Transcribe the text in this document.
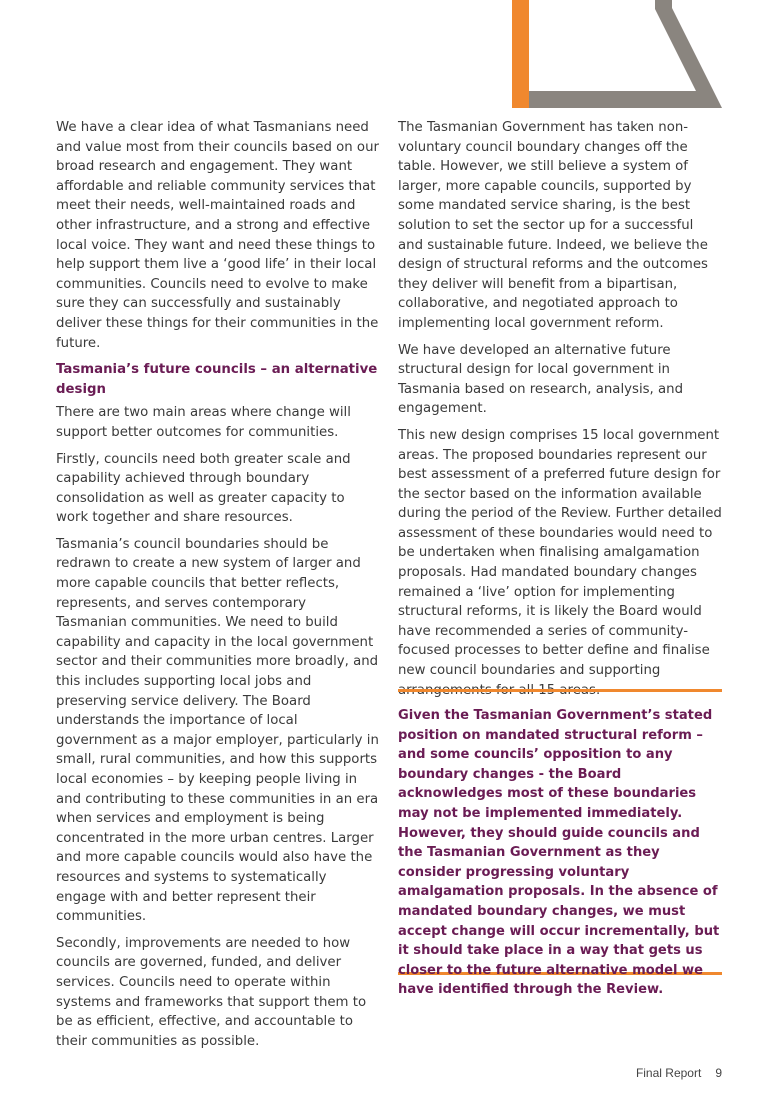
We have a clear idea of what Tasmanians need and value most from their councils based on our broad research and engagement. They want affordable and reliable community services that meet their needs, well-maintained roads and other infrastructure, and a strong and effective local voice. They want and need these things to help support them live a ‘good life’ in their local communities. Councils need to evolve to make sure they can successfully and sustainably deliver these things for their communities in the future.

Tasmania’s future councils – an alternative design

There are two main areas where change will support better outcomes for communities.

Firstly, councils need both greater scale and capability achieved through boundary consolidation as well as greater capacity to work together and share resources.

Tasmania’s council boundaries should be redrawn to create a new system of larger and more capable councils that better reflects, represents, and serves contemporary Tasmanian communities. We need to build capability and capacity in the local government sector and their communities more broadly, and this includes supporting local jobs and preserving service delivery. The Board understands the importance of local government as a major employer, particularly in small, rural communities, and how this supports local economies – by keeping people living in and contributing to these communities in an era when services and employment is being concentrated in the more urban centres. Larger and more capable councils would also have the resources and systems to systematically engage with and better represent their communities.

Secondly, improvements are needed to how councils are governed, funded, and deliver services. Councils need to operate within systems and frameworks that support them to be as efficient, effective, and accountable to their communities as possible.

The Tasmanian Government has taken non-voluntary council boundary changes off the table. However, we still believe a system of larger, more capable councils, supported by some mandated service sharing, is the best solution to set the sector up for a successful and sustainable future. Indeed, we believe the design of structural reforms and the outcomes they deliver will benefit from a bipartisan, collaborative, and negotiated approach to implementing local government reform.

We have developed an alternative future structural design for local government in Tasmania based on research, analysis, and engagement.

This new design comprises 15 local government areas. The proposed boundaries represent our best assessment of a preferred future design for the sector based on the information available during the period of the Review. Further detailed assessment of these boundaries would need to be undertaken when finalising amalgamation proposals. Had mandated boundary changes remained a ‘live’ option for implementing structural reforms, it is likely the Board would have recommended a series of community-focused processes to better define and finalise new council boundaries and supporting arrangements for all 15 areas.

Given the Tasmanian Government’s stated position on mandated structural reform – and some councils’ opposition to any boundary changes - the Board acknowledges most of these boundaries may not be implemented immediately. However, they should guide councils and the Tasmanian Government as they consider progressing voluntary amalgamation proposals. In the absence of mandated boundary changes, we must accept change will occur incrementally, but it should take place in a way that gets us closer to the future alternative model we have identified through the Review.

Final Report 9
